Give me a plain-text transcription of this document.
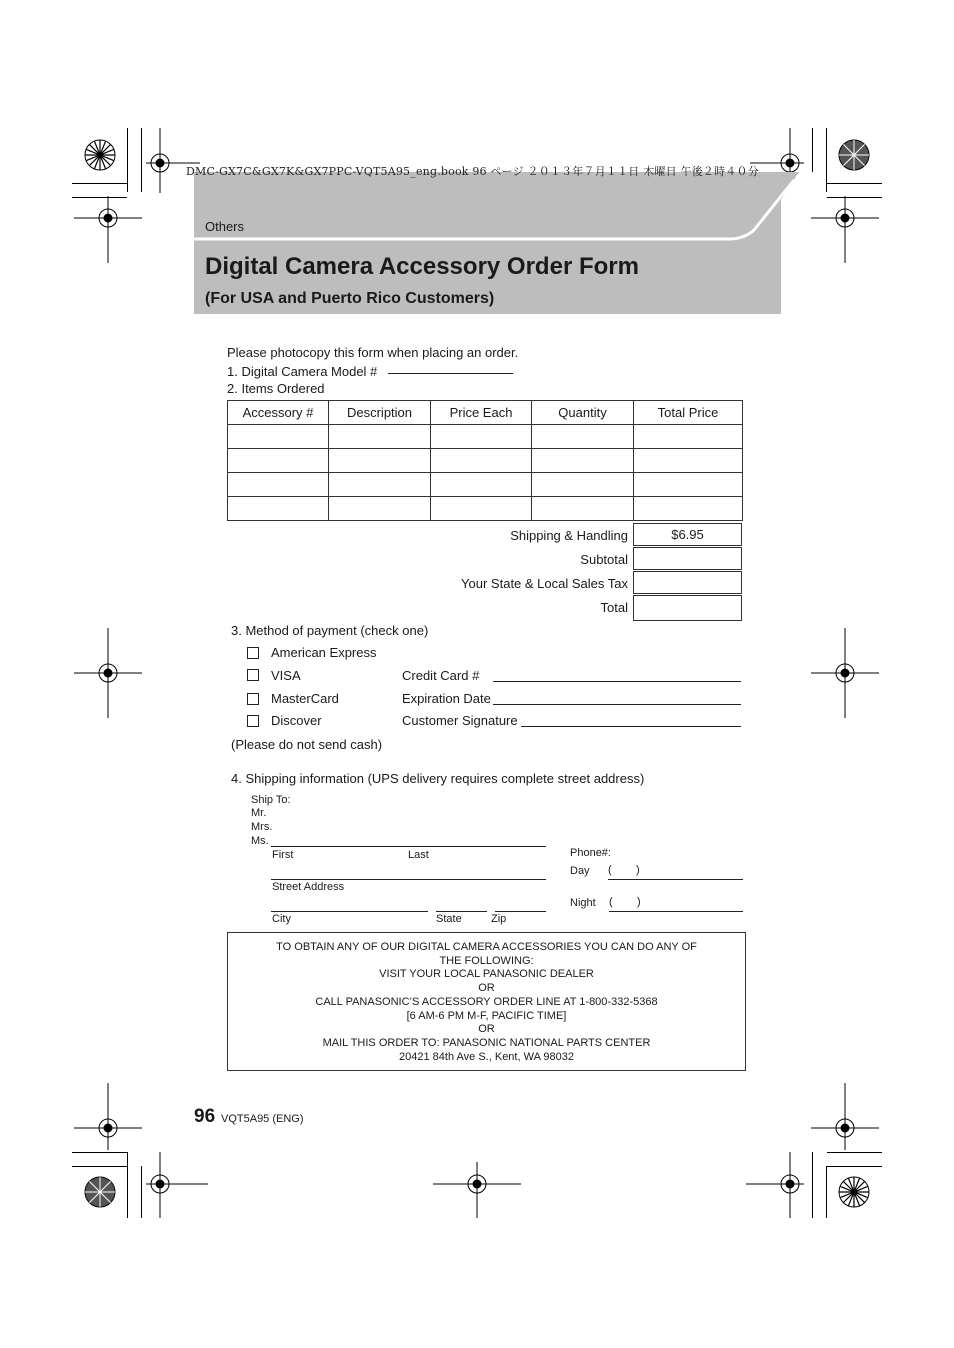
DMC-GX7C&GX7K&GX7PPC-VQT5A95_eng.book 96 ページ ２０１３年７月１１日 木曜日 午後２時４０分
Others
Digital Camera Accessory Order Form
(For USA and Puerto Rico Customers)
Please photocopy this form when placing an order.
1. Digital Camera Model #
2. Items Ordered
Accessory #	Description	Price Each	Quantity	Total Price

Shipping & Handling	$6.95
Subtotal
Your State & Local Sales Tax
Total
3. Method of payment (check one)
American Express
VISA	Credit Card #
MasterCard	Expiration Date
Discover	Customer Signature
(Please do not send cash)
4. Shipping information (UPS delivery requires complete street address)
Ship To:
Mr.
Mrs.
Ms.
First	Last
Street Address
City	State	Zip
Phone#:
Day ( )
Night ( )
TO OBTAIN ANY OF OUR DIGITAL CAMERA ACCESSORIES YOU CAN DO ANY OF
THE FOLLOWING:
VISIT YOUR LOCAL PANASONIC DEALER
OR
CALL PANASONIC’S ACCESSORY ORDER LINE AT 1-800-332-5368
[6 AM-6 PM M-F, PACIFIC TIME]
OR
MAIL THIS ORDER TO: PANASONIC NATIONAL PARTS CENTER
20421 84th Ave S., Kent, WA 98032
96 VQT5A95 (ENG)
